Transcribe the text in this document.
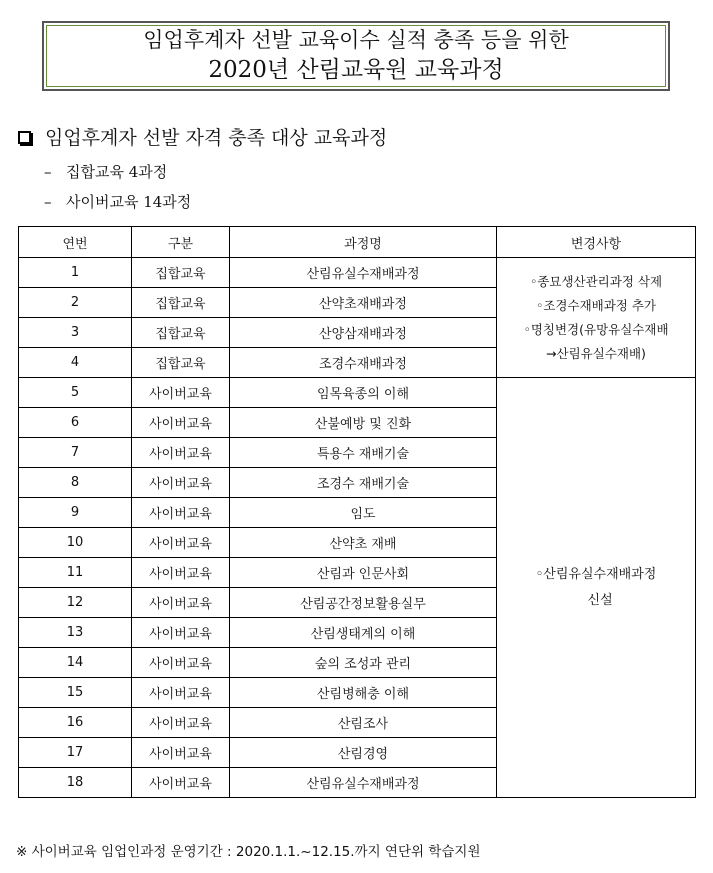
임업후계자 선발 교육이수 실적 충족 등을 위한
2020년 산림교육원 교육과정
임업후계자 선발 자격 충족 대상 교육과정
– 집합교육 4과정
– 사이버교육 14과정
연번	구분	과정명	변경사항
1	집합교육	산림유실수재배과정	◦종묘생산관리과정 삭제
◦조경수재배과정 추가
◦명칭변경(유망유실수재배
→산림유실수재배)

2	집합교육	산약초재배과정	
3	집합교육	산양삼재배과정	
4	집합교육	조경수재배과정	
5	사이버교육	임목육종의 이해	◦산림유실수재배과정
신설

6	사이버교육	산불예방 및 진화	
7	사이버교육	특용수 재배기술	
8	사이버교육	조경수 재배기술	
9	사이버교육	임도	
10	사이버교육	산약초 재배	
11	사이버교육	산림과 인문사회	
12	사이버교육	산림공간정보활용실무	
13	사이버교육	산림생태계의 이해	
14	사이버교육	숲의 조성과 관리	
15	사이버교육	산림병해충 이해	
16	사이버교육	산림조사	
17	사이버교육	산림경영	
18	사이버교육	산림유실수재배과정	
※ 사이버교육 임업인과정 운영기간 : 2020.1.1.~12.15.까지 연단위 학습지원
